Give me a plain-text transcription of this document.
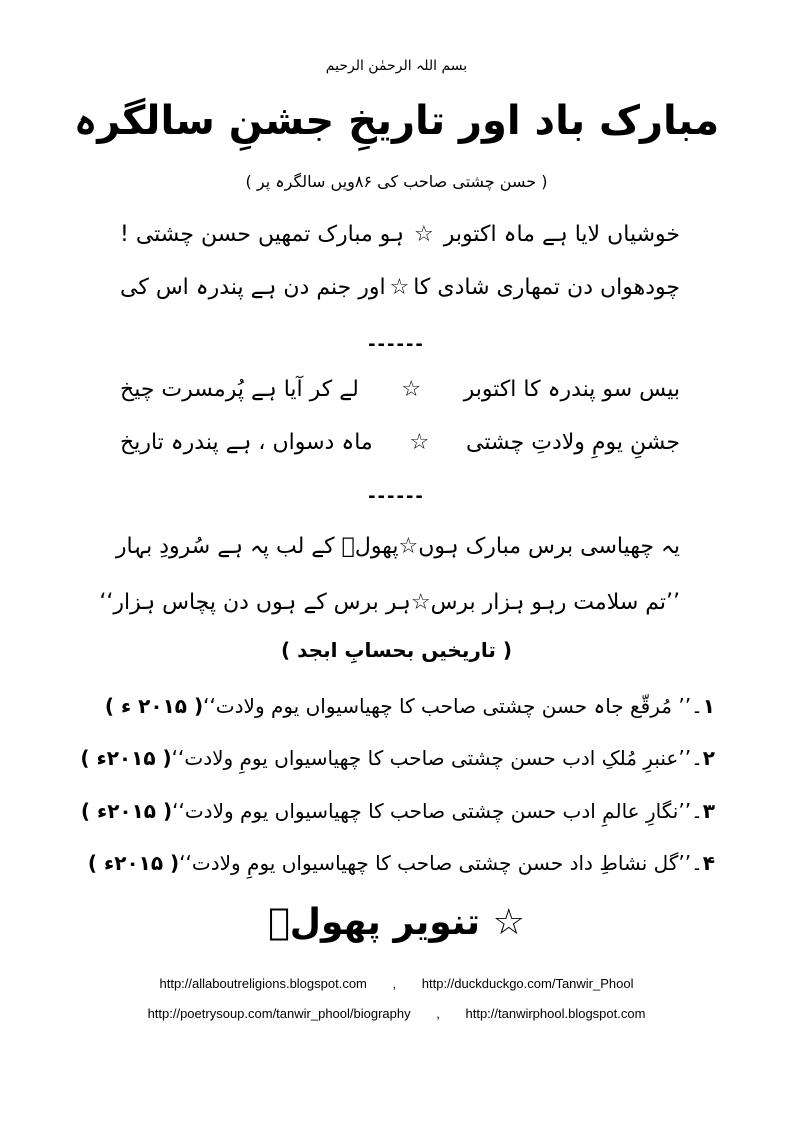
بسم اللہ الرحمٰن الرحیم
مبارک باد اور تاریخِ جشنِ سالگرہ
( حسن چشتی صاحب کی ۸۶ویں سالگرہ پر )
خوشیاں لایا ہے ماہ اکتوبر
☆
ہو مبارک تمھیں حسن چشتی !
چودھواں دن تمھاری شادی کا
☆
اور جنم دن ہے پندرہ اس کی
------
بیس سو پندرہ کا اکتوبر
☆
لے کر آیا ہے پُرمسرت چیخ
جشنِ یومِ ولادتِ چشتی
☆
ماہ دسواں ، ہے پندرہ تاریخ
------
یہ چھیاسی برس مبارک ہوں
☆
پھولؔ کے لب پہ ہے سُرودِ بہار
’’تم سلامت رہو ہزار برس
☆
ہر برس کے ہوں دن پچاس ہزار‘‘
( تاریخیں بحسابِ ابجد )
۱
۔
’’ مُرقّع جاہ حسن چشتی صاحب کا چھیاسیواں یوم ولادت‘‘
( ۲۰۱۵ ء )
۲
۔
’’عنبرِ مُلکِ ادب حسن چشتی صاحب کا چھیاسیواں یومِ ولادت‘‘
( ۲۰۱۵ء )
۳
۔
’’نگارِ عالمِ ادب حسن چشتی صاحب کا چھیاسیواں یوم ولادت‘‘
( ۲۰۱۵ء )
۴
۔
’’گل نشاطِ داد حسن چشتی صاحب کا چھیاسیواں یومِ ولادت‘‘
( ۲۰۱۵ء )
☆ تنویر پھولؔ
http://allaboutreligions.blogspot.com , http://duckduckgo.com/Tanwir_Phool
http://poetrysoup.com/tanwir_phool/biography , http://tanwirphool.blogspot.com
